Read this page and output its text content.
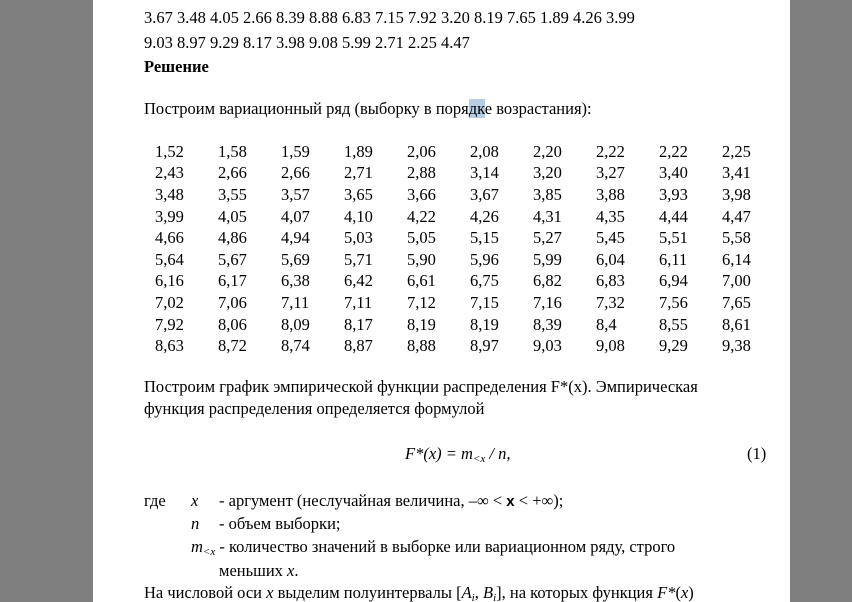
3.67 3.48 4.05 2.66 8.39 8.88 6.83 7.15 7.92 3.20 8.19 7.65 1.89 4.26 3.99
9.03 8.97 9.29 8.17 3.98 9.08 5.99 2.71 2.25 4.47
Решение
Построим вариационный ряд (выборку в порядке возрастания):
1,52	1,58	1,59	1,89	2,06	2,08	2,20	2,22	2,22	2,25
2,43	2,66	2,66	2,71	2,88	3,14	3,20	3,27	3,40	3,41
3,48	3,55	3,57	3,65	3,66	3,67	3,85	3,88	3,93	3,98
3,99	4,05	4,07	4,10	4,22	4,26	4,31	4,35	4,44	4,47
4,66	4,86	4,94	5,03	5,05	5,15	5,27	5,45	5,51	5,58
5,64	5,67	5,69	5,71	5,90	5,96	5,99	6,04	6,11	6,14
6,16	6,17	6,38	6,42	6,61	6,75	6,82	6,83	6,94	7,00
7,02	7,06	7,11	7,11	7,12	7,15	7,16	7,32	7,56	7,65
7,92	8,06	8,09	8,17	8,19	8,19	8,39	8,4	8,55	8,61
8,63	8,72	8,74	8,87	8,88	8,97	9,03	9,08	9,29	9,38
Построим график эмпирической функции распределения F*(x). Эмпирическая
функция распределения определяется формулой
$F*(x) = m_{<x} / n$,	(1)
где x - аргумент (неслучайная величина, –∞ < x < +∞);
n - объем выборки;
$m_{<x}$ - количество значений в выборке или вариационном ряду, строго
меньших x.
На числовой оси x выделим полуинтервалы [$A_i$, $B_i$], на которых функция F*(x)
